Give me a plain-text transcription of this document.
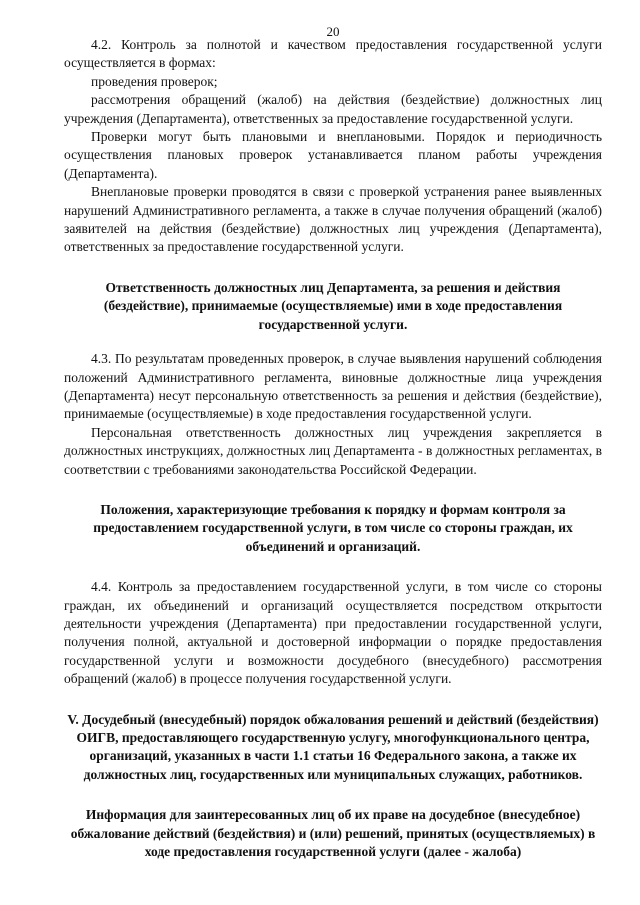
20

4.2. Контроль за полнотой и качеством предоставления государственной услуги осуществляется в формах:

проведения проверок;

рассмотрения обращений (жалоб) на действия (бездействие) должностных лиц учреждения (Департамента), ответственных за предоставление государственной услуги.

Проверки могут быть плановыми и внеплановыми. Порядок и периодичность осуществления плановых проверок устанавливается планом работы учреждения (Департамента).

Внеплановые проверки проводятся в связи с проверкой устранения ранее выявленных нарушений Административного регламента, а также в случае получения обращений (жалоб) заявителей на действия (бездействие) должностных лиц учреждения (Департамента), ответственных за предоставление государственной услуги.

Ответственность должностных лиц Департамента, за решения и действия (бездействие), принимаемые (осуществляемые) ими в ходе предоставления государственной услуги.

4.3. По результатам проведенных проверок, в случае выявления нарушений соблюдения положений Административного регламента, виновные должностные лица учреждения (Департамента) несут персональную ответственность за решения и действия (бездействие), принимаемые (осуществляемые) в ходе предоставления государственной услуги.

Персональная ответственность должностных лиц учреждения закрепляется в должностных инструкциях, должностных лиц Департамента - в должностных регламентах, в соответствии с требованиями законодательства Российской Федерации.

Положения, характеризующие требования к порядку и формам контроля за предоставлением государственной услуги, в том числе со стороны граждан, их объединений и организаций.

4.4. Контроль за предоставлением государственной услуги, в том числе со стороны граждан, их объединений и организаций осуществляется посредством открытости деятельности учреждения (Департамента) при предоставлении государственной услуги, получения полной, актуальной и достоверной информации о порядке предоставления государственной услуги и возможности досудебного (внесудебного) рассмотрения обращений (жалоб) в процессе получения государственной услуги.

V. Досудебный (внесудебный) порядок обжалования решений и действий (бездействия) ОИГВ, предоставляющего государственную услугу, многофункционального центра, организаций, указанных в части 1.1 статьи 16 Федерального закона, а также их должностных лиц, государственных или муниципальных служащих, работников.
Информация для заинтересованных лиц об их праве на досудебное (внесудебное) обжалование действий (бездействия) и (или) решений, принятых (осуществляемых) в ходе предоставления государственной услуги (далее - жалоба)
